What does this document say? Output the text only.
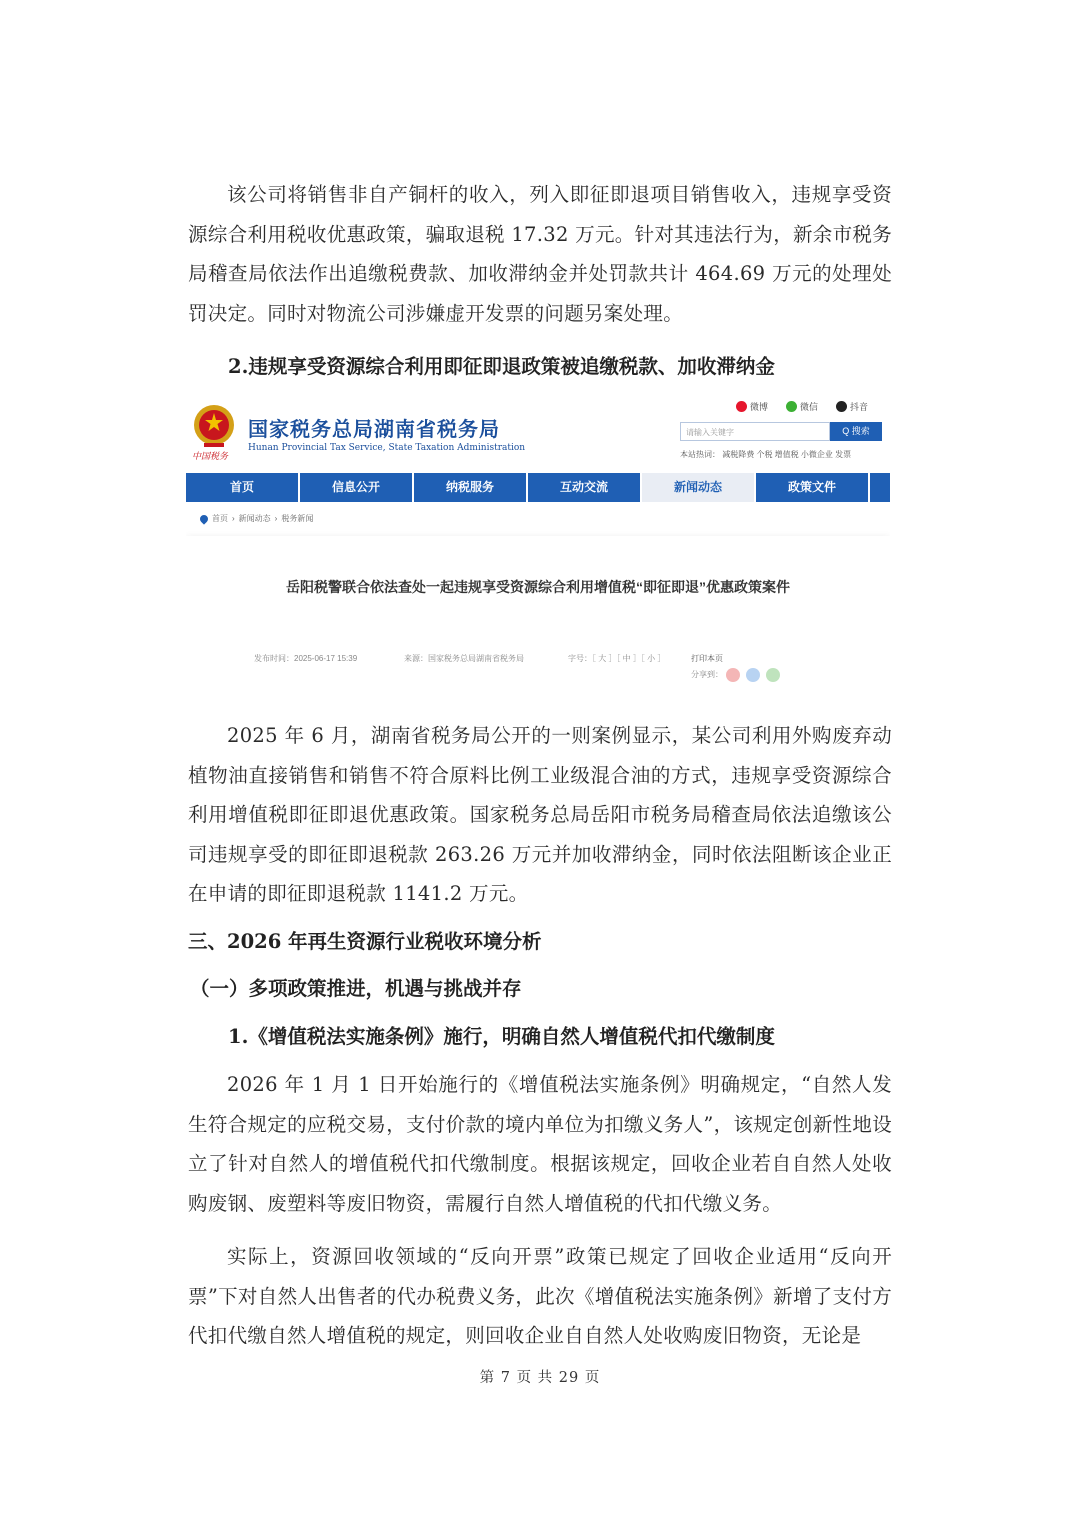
该公司将销售非自产铜杆的收入，列入即征即退项目销售收入，违规享受资源综合利用税收优惠政策，骗取退税 17.32 万元。针对其违法行为，新余市税务局稽查局依法作出追缴税费款、加收滞纳金并处罚款共计 464.69 万元的处理处罚决定。同时对物流公司涉嫌虚开发票的问题另案处理。

2.违规享受资源综合利用即征即退政策被追缴税款、加收滞纳金

中国税务
国家税务总局湖南省税务局
Hunan Provincial Tax Service, State Taxation Administration
微博	微信	抖音
请输入关键字	Q 搜索
本站热词： 减税降费 个税 增值税 小微企业 发票
首页	信息公开	纳税服务	互动交流	新闻动态	政策文件
首页 › 新闻动态 › 税务新闻
岳阳税警联合依法查处一起违规享受资源综合利用增值税“即征即退”优惠政策案件
发布时间：2025-06-17 15:39	来源：国家税务总局湖南省税务局	字号：［ 大 ］［ 中 ］［ 小 ］	打印本页
分享到：

2025 年 6 月，湖南省税务局公开的一则案例显示，某公司利用外购废弃动植物油直接销售和销售不符合原料比例工业级混合油的方式，违规享受资源综合利用增值税即征即退优惠政策。国家税务总局岳阳市税务局稽查局依法追缴该公司违规享受的即征即退税款 263.26 万元并加收滞纳金，同时依法阻断该企业正在申请的即征即退税款 1141.2 万元。

三、2026 年再生资源行业税收环境分析

（一）多项政策推进，机遇与挑战并存

1.《增值税法实施条例》施行，明确自然人增值税代扣代缴制度

2026 年 1 月 1 日开始施行的《增值税法实施条例》明确规定，“自然人发生符合规定的应税交易，支付价款的境内单位为扣缴义务人”，该规定创新性地设立了针对自然人的增值税代扣代缴制度。根据该规定，回收企业若自自然人处收购废钢、废塑料等废旧物资，需履行自然人增值税的代扣代缴义务。

实际上，资源回收领域的“反向开票”政策已规定了回收企业适用“反向开票”下对自然人出售者的代办税费义务，此次《增值税法实施条例》新增了支付方代扣代缴自然人增值税的规定，则回收企业自自然人处收购废旧物资，无论是

第 7 页 共 29 页
